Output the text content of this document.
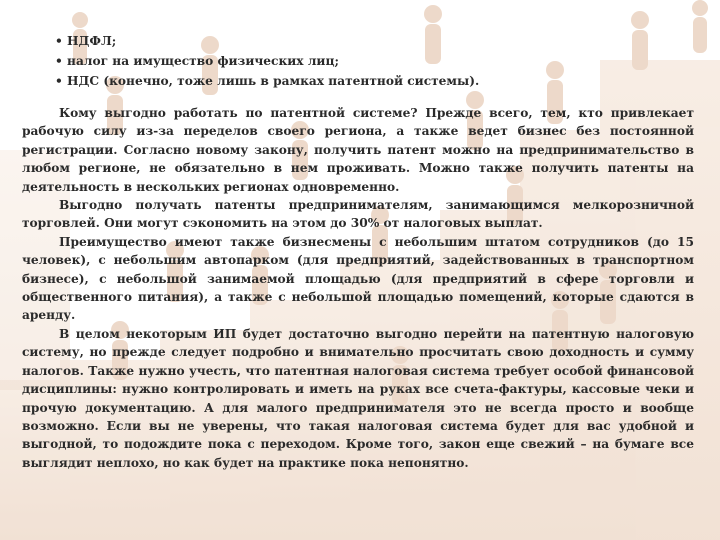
• НДФЛ;
• налог на имущество физических лиц;
• НДС (конечно, тоже лишь в рамках патентной системы).

Кому выгодно работать по патентной системе? Прежде всего, тем, кто привлекает рабочую силу из-за переделов своего региона, а также ведет бизнес без постоянной регистрации. Согласно новому закону, получить патент можно на предпринимательство в любом регионе, не обязательно в нем проживать. Можно также получить патенты на деятельность в нескольких регионах одновременно.

Выгодно получать патенты предпринимателям, занимающимся мелкорозничной торговлей. Они могут сэкономить на этом до 30% от налоговых выплат.

Преимущество имеют также бизнесмены с небольшим штатом сотрудников (до 15 человек), с небольшим автопарком (для предприятий, задействованных в транспортном бизнесе), с небольшой занимаемой площадью (для предприятий в сфере торговли и общественного питания), а также с небольшой площадью помещений, которые сдаются в аренду.

В целом некоторым ИП будет достаточно выгодно перейти на патентную налоговую систему, но прежде следует подробно и внимательно просчитать свою доходность и сумму налогов. Также нужно учесть, что патентная налоговая система требует особой финансовой дисциплины: нужно контролировать и иметь на руках все счета-фактуры, кассовые чеки и прочую документацию. А для малого предпринимателя это не всегда просто и вообще возможно. Если вы не уверены, что такая налоговая система будет для вас удобной и выгодной, то подождите пока с переходом. Кроме того, закон еще свежий – на бумаге все выглядит неплохо, но как будет на практике пока непонятно.
